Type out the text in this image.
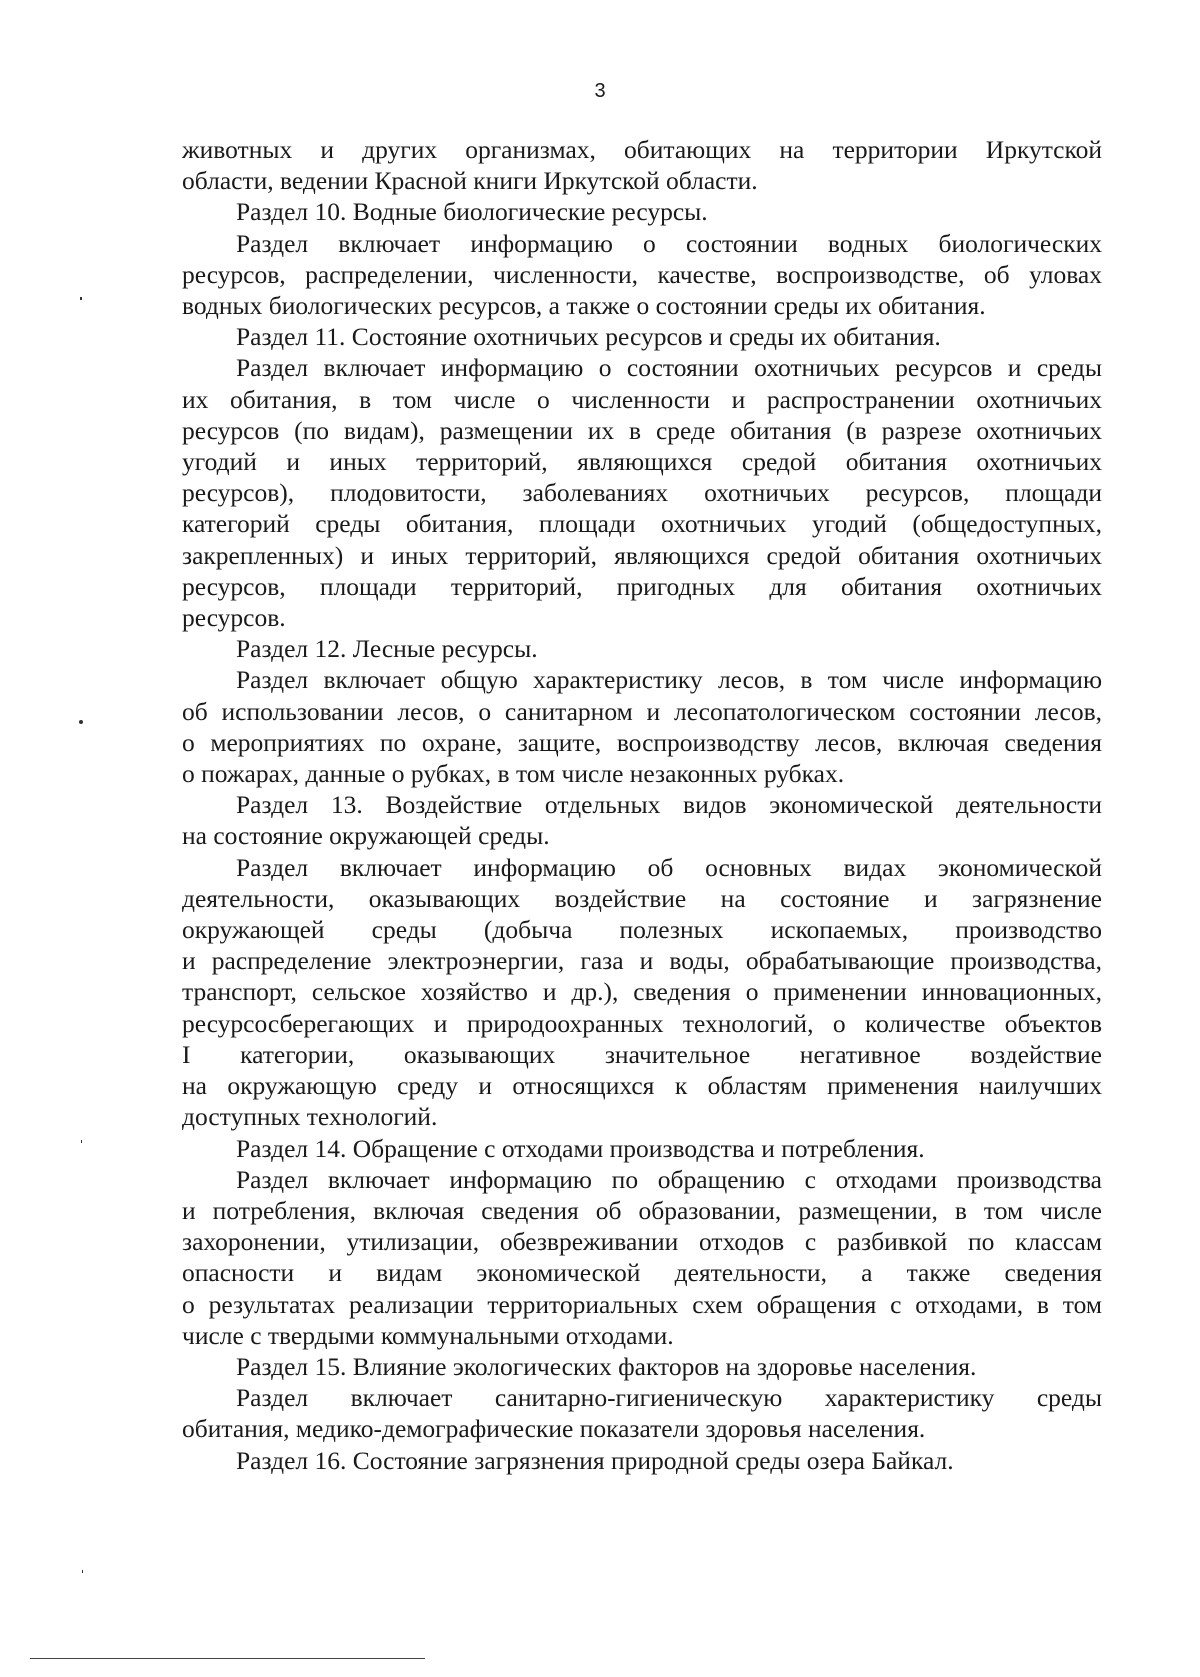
3

животных и других организмах, обитающих на территории Иркутской

области, ведении Красной книги Иркутской области.

Раздел 10. Водные биологические ресурсы.

Раздел включает информацию о состоянии водных биологических

ресурсов, распределении, численности, качестве, воспроизводстве, об уловах

водных биологических ресурсов, а также о состоянии среды их обитания.

Раздел 11. Состояние охотничьих ресурсов и среды их обитания.

Раздел включает информацию о состоянии охотничьих ресурсов и среды

их обитания, в том числе о численности и распространении охотничьих

ресурсов (по видам), размещении их в среде обитания (в разрезе охотничьих

угодий и иных территорий, являющихся средой обитания охотничьих

ресурсов), плодовитости, заболеваниях охотничьих ресурсов, площади

категорий среды обитания, площади охотничьих угодий (общедоступных,

закрепленных) и иных территорий, являющихся средой обитания охотничьих

ресурсов, площади территорий, пригодных для обитания охотничьих

ресурсов.

Раздел 12. Лесные ресурсы.

Раздел включает общую характеристику лесов, в том числе информацию

об использовании лесов, о санитарном и лесопатологическом состоянии лесов,

о мероприятиях по охране, защите, воспроизводству лесов, включая сведения

о пожарах, данные о рубках, в том числе незаконных рубках.

Раздел 13. Воздействие отдельных видов экономической деятельности

на состояние окружающей среды.

Раздел включает информацию об основных видах экономической

деятельности, оказывающих воздействие на состояние и загрязнение

окружающей среды (добыча полезных ископаемых, производство

и распределение электроэнергии, газа и воды, обрабатывающие производства,

транспорт, сельское хозяйство и др.), сведения о применении инновационных,

ресурсосберегающих и природоохранных технологий, о количестве объектов

I категории, оказывающих значительное негативное воздействие

на окружающую среду и относящихся к областям применения наилучших

доступных технологий.

Раздел 14. Обращение с отходами производства и потребления.

Раздел включает информацию по обращению с отходами производства

и потребления, включая сведения об образовании, размещении, в том числе

захоронении, утилизации, обезвреживании отходов с разбивкой по классам

опасности и видам экономической деятельности, а также сведения

о результатах реализации территориальных схем обращения с отходами, в том

числе с твердыми коммунальными отходами.

Раздел 15. Влияние экологических факторов на здоровье населения.

Раздел включает санитарно-гигиеническую характеристику среды

обитания, медико-демографические показатели здоровья населения.

Раздел 16. Состояние загрязнения природной среды озера Байкал.
